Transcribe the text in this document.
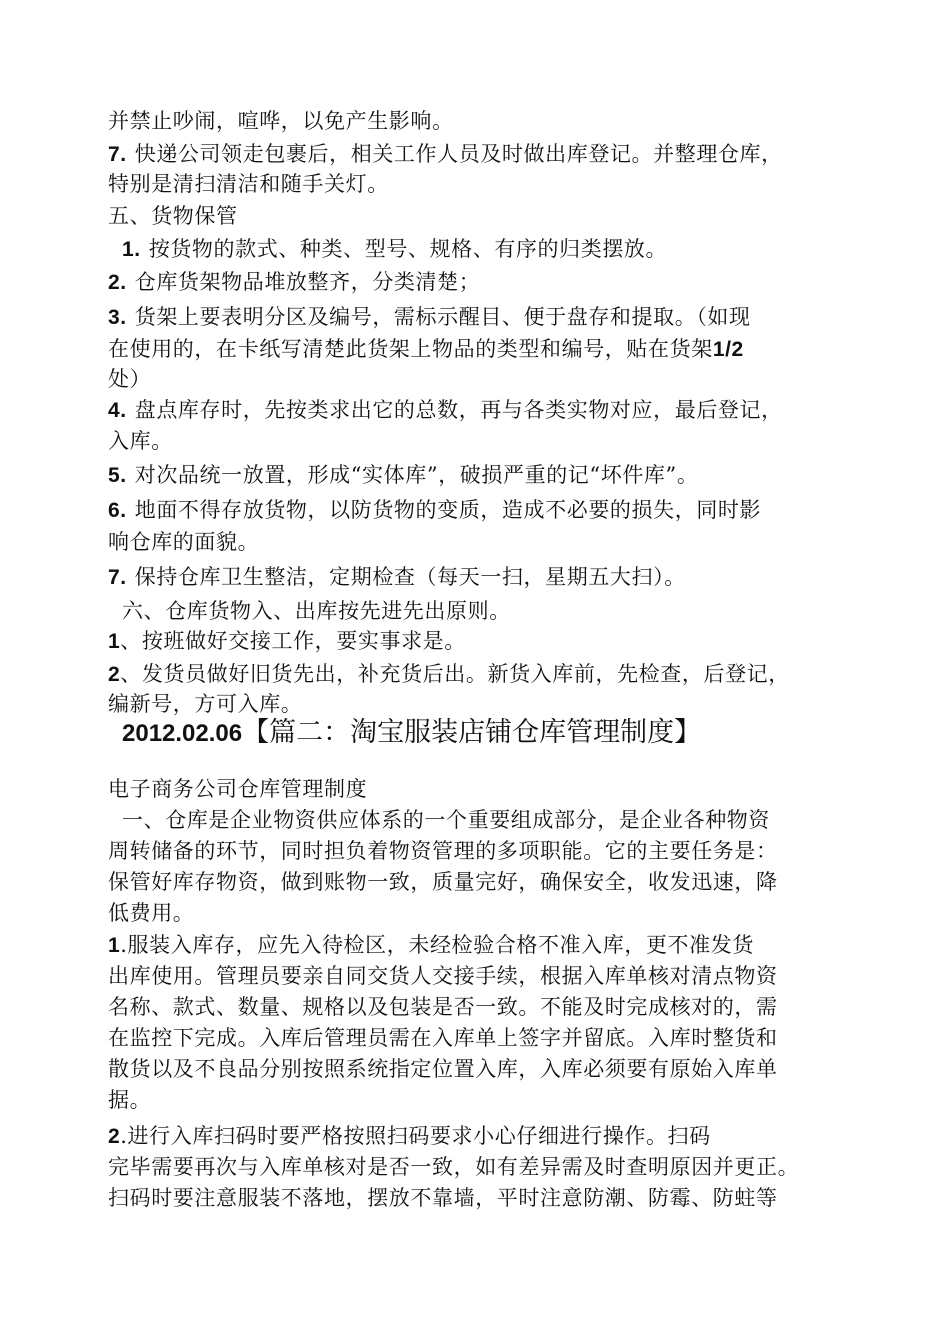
并禁止吵闹，喧哗，以免产生影响。
7. 快递公司领走包裹后，相关工作人员及时做出库登记。并整理仓库，
特别是清扫清洁和随手关灯。
五、货物保管
1. 按货物的款式、种类、型号、规格、有序的归类摆放。
2. 仓库货架物品堆放整齐，分类清楚；
3. 货架上要表明分区及编号，需标示醒目、便于盘存和提取。（如现
在使用的，在卡纸写清楚此货架上物品的类型和编号，贴在货架1/2
处）
4. 盘点库存时，先按类求出它的总数，再与各类实物对应，最后登记，
入库。
5. 对次品统一放置，形成“实体库”，破损严重的记“坏件库”。
6. 地面不得存放货物，以防货物的变质，造成不必要的损失，同时影
响仓库的面貌。
7. 保持仓库卫生整洁，定期检查（每天一扫，星期五大扫）。
六、仓库货物入、出库按先进先出原则。
1、按班做好交接工作，要实事求是。
2、发货员做好旧货先出，补充货后出。新货入库前，先检查，后登记，
编新号，方可入库。
2012.02.06【篇二：淘宝服装店铺仓库管理制度】
电子商务公司仓库管理制度
一、仓库是企业物资供应体系的一个重要组成部分，是企业各种物资
周转储备的环节，同时担负着物资管理的多项职能。它的主要任务是：
保管好库存物资，做到账物一致，质量完好，确保安全，收发迅速，降
低费用。
1.服装入库存，应先入待检区，未经检验合格不准入库，更不准发货
出库使用。管理员要亲自同交货人交接手续，根据入库单核对清点物资
名称、款式、数量、规格以及包装是否一致。不能及时完成核对的，需
在监控下完成。入库后管理员需在入库单上签字并留底。入库时整货和
散货以及不良品分别按照系统指定位置入库，入库必须要有原始入库单
据。
2.进行入库扫码时要严格按照扫码要求小心仔细进行操作。扫码
完毕需要再次与入库单核对是否一致，如有差异需及时查明原因并更正。
扫码时要注意服装不落地，摆放不靠墙，平时注意防潮、防霉、防蛀等
